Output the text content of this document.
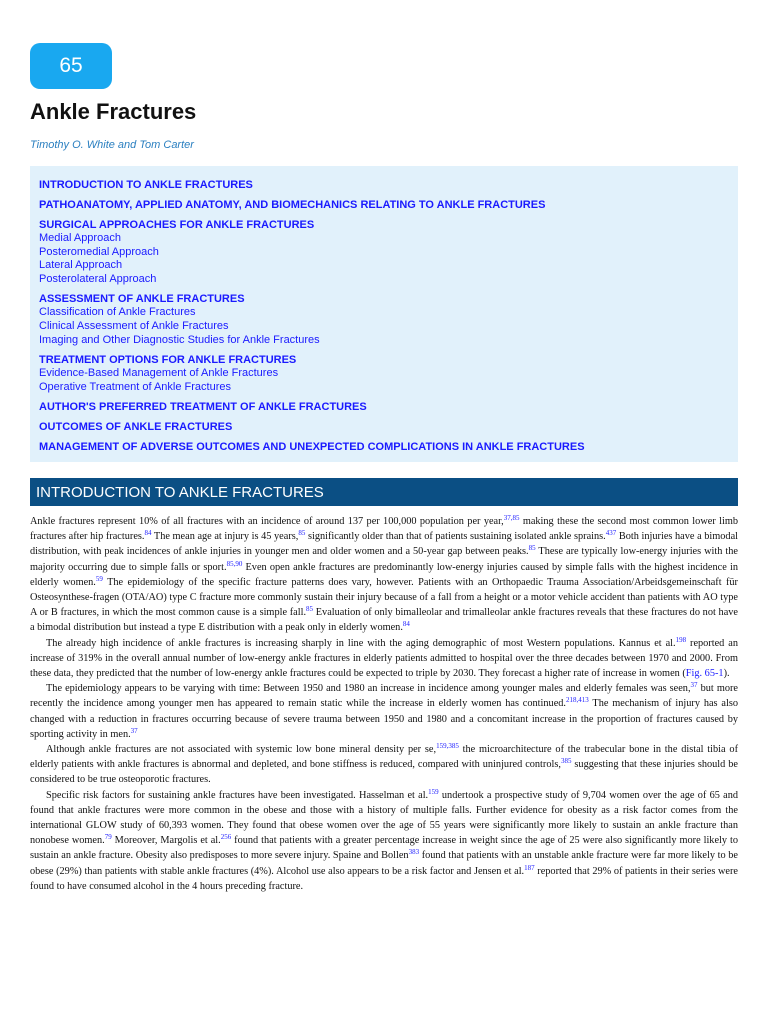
65
Ankle Fractures
Timothy O. White and Tom Carter
INTRODUCTION TO ANKLE FRACTURES
PATHOANATOMY, APPLIED ANATOMY, AND BIOMECHANICS RELATING TO ANKLE FRACTURES
SURGICAL APPROACHES FOR ANKLE FRACTURES
Medial Approach
Posteromedial Approach
Lateral Approach
Posterolateral Approach
ASSESSMENT OF ANKLE FRACTURES
Classification of Ankle Fractures
Clinical Assessment of Ankle Fractures
Imaging and Other Diagnostic Studies for Ankle Fractures
TREATMENT OPTIONS FOR ANKLE FRACTURES
Evidence-Based Management of Ankle Fractures
Operative Treatment of Ankle Fractures
AUTHOR'S PREFERRED TREATMENT OF ANKLE FRACTURES
OUTCOMES OF ANKLE FRACTURES
MANAGEMENT OF ADVERSE OUTCOMES AND UNEXPECTED COMPLICATIONS IN ANKLE FRACTURES
INTRODUCTION TO ANKLE FRACTURES

Ankle fractures represent 10% of all fractures with an incidence of around 137 per 100,000 population per year,$^{37,85}$ making these the second most common lower limb fractures after hip fractures.$^{84}$ The mean age at injury is 45 years,$^{85}$ significantly older than that of patients sustaining isolated ankle sprains.$^{437}$ Both injuries have a bimodal distribution, with peak incidences of ankle injuries in younger men and older women and a 50-year gap between peaks.$^{85}$ These are typically low-energy injuries with the majority occurring due to simple falls or sport.$^{85,90}$ Even open ankle fractures are predominantly low-energy injuries caused by simple falls with the highest incidence in elderly women.$^{59}$ The epidemiology of the specific fracture patterns does vary, however. Patients with an Orthopaedic Trauma Association/Arbeidsgemeinschaft für Osteosynthese-fragen (OTA/AO) type C fracture more commonly sustain their injury because of a fall from a height or a motor vehicle accident than patients with AO type A or B fractures, in which the most common cause is a simple fall.$^{85}$ Evaluation of only bimalleolar and trimalleolar ankle fractures reveals that these fractures do not have a bimodal distribution but instead a type E distribution with a peak only in elderly women.$^{84}$

The already high incidence of ankle fractures is increasing sharply in line with the aging demographic of most Western populations. Kannus et al.$^{198}$ reported an increase of 319% in the overall annual number of low-energy ankle fractures in elderly patients admitted to hospital over the three decades between 1970 and 2000. From these data, they predicted that the number of low-energy ankle fractures could be expected to triple by 2030. They forecast a higher rate of increase in women (Fig. 65-1).

The epidemiology appears to be varying with time: Between 1950 and 1980 an increase in incidence among younger males and elderly females was seen,$^{37}$ but more recently the incidence among younger men has appeared to remain static while the increase in elderly women has continued.$^{218,413}$ The mechanism of injury has also changed with a reduction in fractures occurring because of severe trauma between 1950 and 1980 and a concomitant increase in the proportion of fractures caused by sporting activity in men.$^{37}$

Although ankle fractures are not associated with systemic low bone mineral density per se,$^{159,385}$ the microarchitecture of the trabecular bone in the distal tibia of elderly patients with ankle fractures is abnormal and depleted, and bone stiffness is reduced, compared with uninjured controls,$^{385}$ suggesting that these injuries should be considered to be true osteoporotic fractures.

Specific risk factors for sustaining ankle fractures have been investigated. Hasselman et al.$^{159}$ undertook a prospective study of 9,704 women over the age of 65 and found that ankle fractures were more common in the obese and those with a history of multiple falls. Further evidence for obesity as a risk factor comes from the international GLOW study of 60,393 women. They found that obese women over the age of 55 years were significantly more likely to sustain an ankle fracture than nonobese women.$^{79}$ Moreover, Margolis et al.$^{256}$ found that patients with a greater percentage increase in weight since the age of 25 were also significantly more likely to sustain an ankle fracture. Obesity also predisposes to more severe injury. Spaine and Bollen$^{383}$ found that patients with an unstable ankle fracture were far more likely to be obese (29%) than patients with stable ankle fractures (4%). Alcohol use also appears to be a risk factor and Jensen et al.$^{187}$ reported that 29% of patients in their series were found to have consumed alcohol in the 4 hours preceding fracture.
